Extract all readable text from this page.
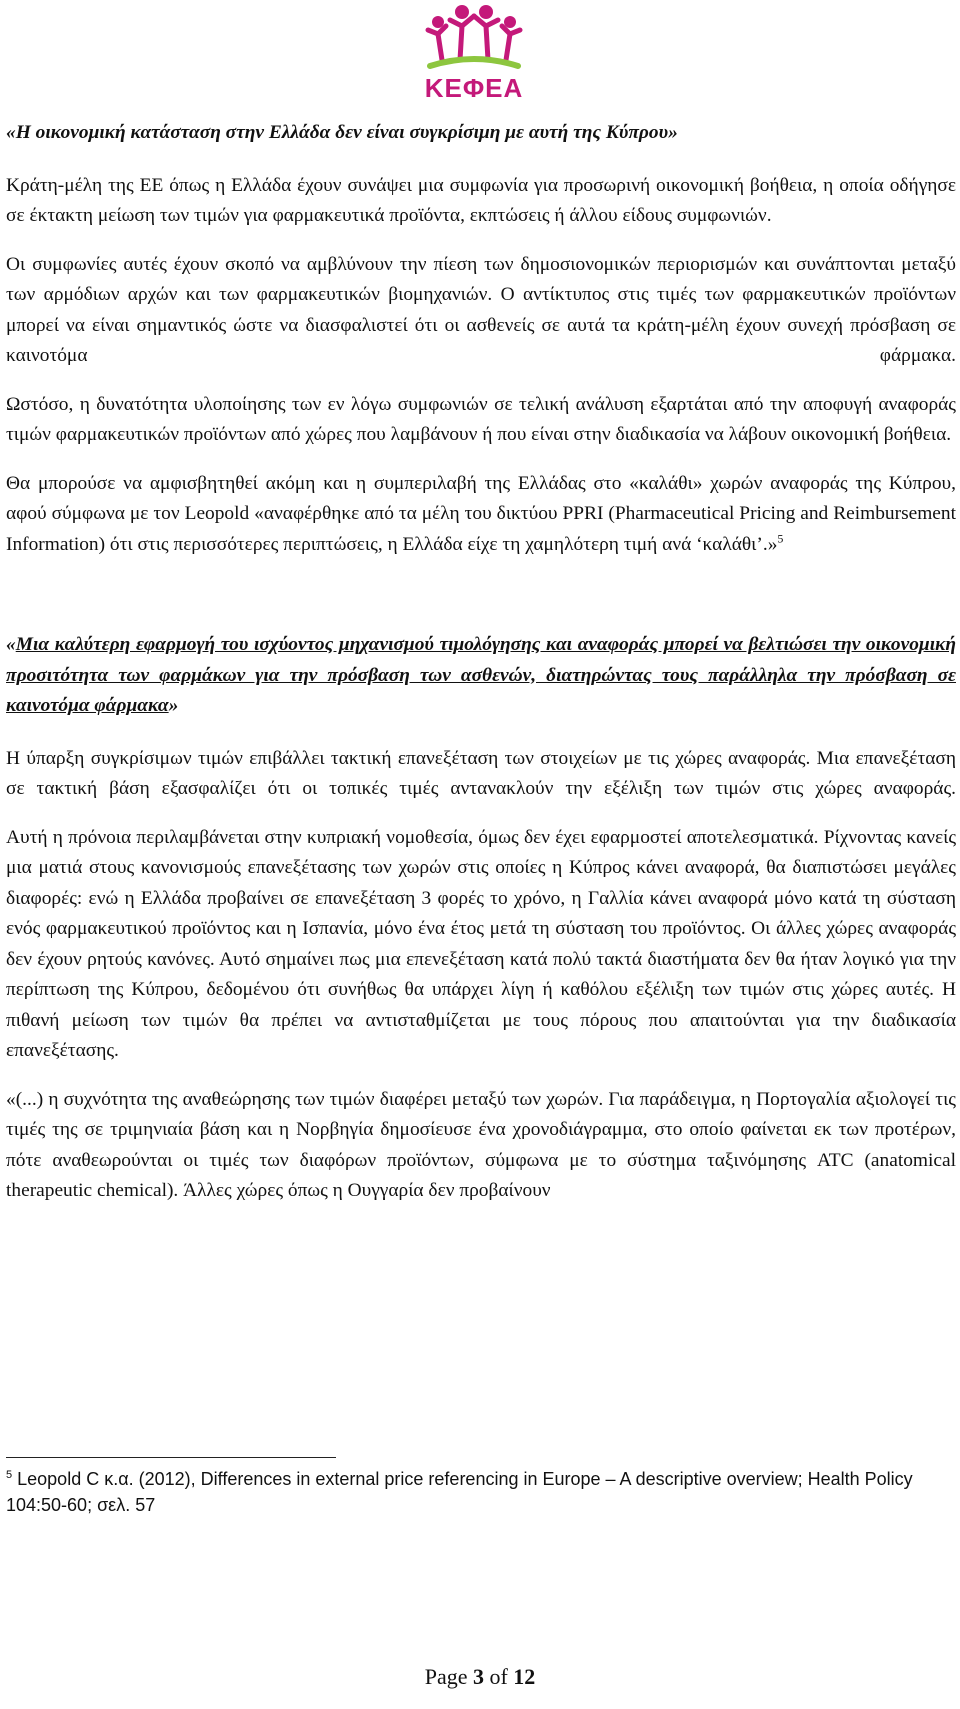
ΚΕΦΕΑ

«Η οικονομική κατάσταση στην Ελλάδα δεν είναι συγκρίσιμη με αυτή της Κύπρου»

Κράτη-μέλη της ΕΕ όπως η Ελλάδα έχουν συνάψει μια συμφωνία για προσωρινή οικονομική βοήθεια, η οποία οδήγησε σε έκτακτη μείωση των τιμών για φαρμακευτικά προϊόντα, εκπτώσεις ή άλλου είδους συμφωνιών.

Οι συμφωνίες αυτές έχουν σκοπό να αμβλύνουν την πίεση των δημοσιονομικών περιορισμών και συνάπτονται μεταξύ των αρμόδιων αρχών και των φαρμακευτικών βιομηχανιών. Ο αντίκτυπος στις τιμές των φαρμακευτικών προϊόντων μπορεί να είναι σημαντικός ώστε να διασφαλιστεί ότι οι ασθενείς σε αυτά τα κράτη-μέλη έχουν συνεχή πρόσβαση σε καινοτόμα φάρμακα.

Ωστόσο, η δυνατότητα υλοποίησης των εν λόγω συμφωνιών σε τελική ανάλυση εξαρτάται από την αποφυγή αναφοράς τιμών φαρμακευτικών προϊόντων από χώρες που λαμβάνουν ή που είναι στην διαδικασία να λάβουν οικονομική βοήθεια.

Θα μπορούσε να αμφισβητηθεί ακόμη και η συμπεριλαβή της Ελλάδας στο «καλάθι» χωρών αναφοράς της Κύπρου, αφού σύμφωνα με τον Leopold «αναφέρθηκε από τα μέλη του δικτύου PPRI (Pharmaceutical Pricing and Reimbursement Information) ότι στις περισσότερες περιπτώσεις, η Ελλάδα είχε τη χαμηλότερη τιμή ανά ‘καλάθι’.»$^5$

«Μια καλύτερη εφαρμογή του ισχύοντος μηχανισμού τιμολόγησης και αναφοράς μπορεί να βελτιώσει την οικονομική προσιτότητα των φαρμάκων για την πρόσβαση των ασθενών, διατηρώντας τους παράλληλα την πρόσβαση σε καινοτόμα φάρμακα»

Η ύπαρξη συγκρίσιμων τιμών επιβάλλει τακτική επανεξέταση των στοιχείων με τις χώρες αναφοράς. Μια επανεξέταση σε τακτική βάση εξασφαλίζει ότι οι τοπικές τιμές αντανακλούν την εξέλιξη των τιμών στις χώρες αναφοράς.

Αυτή η πρόνοια περιλαμβάνεται στην κυπριακή νομοθεσία, όμως δεν έχει εφαρμοστεί αποτελεσματικά. Ρίχνοντας κανείς μια ματιά στους κανονισμούς επανεξέτασης των χωρών στις οποίες η Κύπρος κάνει αναφορά, θα διαπιστώσει μεγάλες διαφορές: ενώ η Ελλάδα προβαίνει σε επανεξέταση 3 φορές το χρόνο, η Γαλλία κάνει αναφορά μόνο κατά τη σύσταση ενός φαρμακευτικού προϊόντος και η Ισπανία, μόνο ένα έτος μετά τη σύσταση του προϊόντος. Οι άλλες χώρες αναφοράς δεν έχουν ρητούς κανόνες. Αυτό σημαίνει πως μια επενεξέταση κατά πολύ τακτά διαστήματα δεν θα ήταν λογικό για την περίπτωση της Κύπρου, δεδομένου ότι συνήθως θα υπάρχει λίγη ή καθόλου εξέλιξη των τιμών στις χώρες αυτές. Η πιθανή μείωση των τιμών θα πρέπει να αντισταθμίζεται με τους πόρους που απαιτούνται για την διαδικασία επανεξέτασης.

«(...) η συχνότητα της αναθεώρησης των τιμών διαφέρει μεταξύ των χωρών. Για παράδειγμα, η Πορτογαλία αξιολογεί τις τιμές της σε τριμηνιαία βάση και η Νορβηγία δημοσίευσε ένα χρονοδιάγραμμα, στο οποίο φαίνεται εκ των προτέρων, πότε αναθεωρούνται οι τιμές των διαφόρων προϊόντων, σύμφωνα με το σύστημα ταξινόμησης ATC (anatomical therapeutic chemical). Άλλες χώρες όπως η Ουγγαρία δεν προβαίνουν

$^5$ Leopold C κ.α. (2012), Differences in external price referencing in Europe – A descriptive overview; Health Policy 104:50-60; σελ. 57
Page 3 of 12
